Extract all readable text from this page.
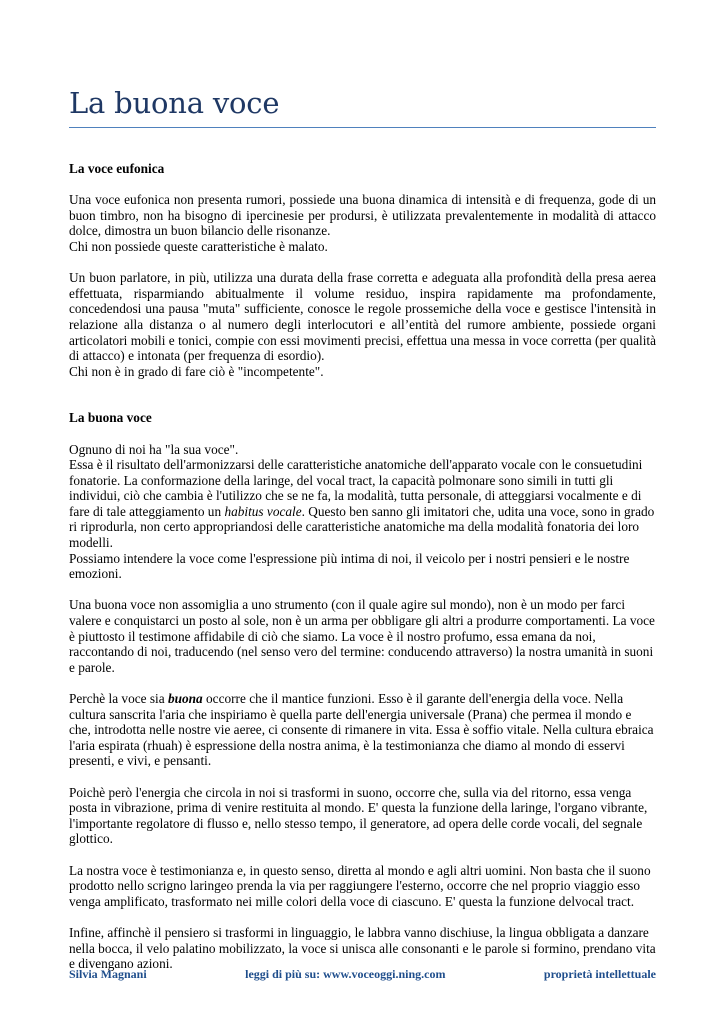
La buona voce
La voce eufonica

Una voce eufonica non presenta rumori, possiede una buona dinamica di intensità e di frequenza, gode di un buon timbro, non ha bisogno di ipercinesie per prodursi, è utilizzata prevalentemente in modalità di attacco dolce, dimostra un buon bilancio delle risonanze.

Chi non possiede queste caratteristiche è malato.

Un buon parlatore, in più, utilizza una durata della frase corretta e adeguata alla profondità della presa aerea effettuata, risparmiando abitualmente il volume residuo, inspira rapidamente ma profondamente, concedendosi una pausa "muta" sufficiente, conosce le regole prossemiche della voce e gestisce l'intensità in relazione alla distanza o al numero degli interlocutori e all’entità del rumore ambiente, possiede organi articolatori mobili e tonici, compie con essi movimenti precisi, effettua una messa in voce corretta (per qualità di attacco) e intonata (per frequenza di esordio).

Chi non è in grado di fare ciò è "incompetente".

La buona voce

Ognuno di noi ha "la sua voce".

Essa è il risultato dell'armonizzarsi delle caratteristiche anatomiche dell'apparato vocale con le consuetudini fonatorie. La conformazione della laringe, del vocal tract, la capacità polmonare sono simili in tutti gli individui, ciò che cambia è l'utilizzo che se ne fa, la modalità, tutta personale, di atteggiarsi vocalmente e di fare di tale atteggiamento un habitus vocale. Questo ben sanno gli imitatori che, udita una voce, sono in grado ri riprodurla, non certo appropriandosi delle caratteristiche anatomiche ma della modalità fonatoria dei loro modelli.

Possiamo intendere la voce come l'espressione più intima di noi, il veicolo per i nostri pensieri e le nostre emozioni.

Una buona voce non assomiglia a uno strumento (con il quale agire sul mondo), non è un modo per farci valere e conquistarci un posto al sole, non è un arma per obbligare gli altri a produrre comportamenti. La voce è piuttosto il testimone affidabile di ciò che siamo. La voce è il nostro profumo, essa emana da noi, raccontando di noi, traducendo (nel senso vero del termine: conducendo attraverso) la nostra umanità in suoni e parole.

Perchè la voce sia buona occorre che il mantice funzioni. Esso è il garante dell'energia della voce. Nella cultura sanscrita l'aria che inspiriamo è quella parte dell'energia universale (Prana) che permea il mondo e che, introdotta nelle nostre vie aeree, ci consente di rimanere in vita. Essa è soffio vitale. Nella cultura ebraica l'aria espirata (rhuah) è espressione della nostra anima, è la testimonianza che diamo al mondo di esservi presenti, e vivi, e pensanti.

Poichè però l'energia che circola in noi si trasformi in suono, occorre che, sulla via del ritorno, essa venga posta in vibrazione, prima di venire restituita al mondo. E' questa la funzione della laringe, l'organo vibrante, l'importante regolatore di flusso e, nello stesso tempo, il generatore, ad opera delle corde vocali, del segnale glottico.

La nostra voce è testimonianza e, in questo senso, diretta al mondo e agli altri uomini. Non basta che il suono prodotto nello scrigno laringeo prenda la via per raggiungere l'esterno, occorre che nel proprio viaggio esso venga amplificato, trasformato nei mille colori della voce di ciascuno. E' questa la funzione delvocal tract.

Infine, affinchè il pensiero si trasformi in linguaggio, le labbra vanno dischiuse, la lingua obbligata a danzare nella bocca, il velo palatino mobilizzato, la voce si unisca alle consonanti e le parole si formino, prendano vita e divengano azioni.

Silvia Magnani	leggi di più su: www.voceoggi.ning.com	proprietà intellettuale
